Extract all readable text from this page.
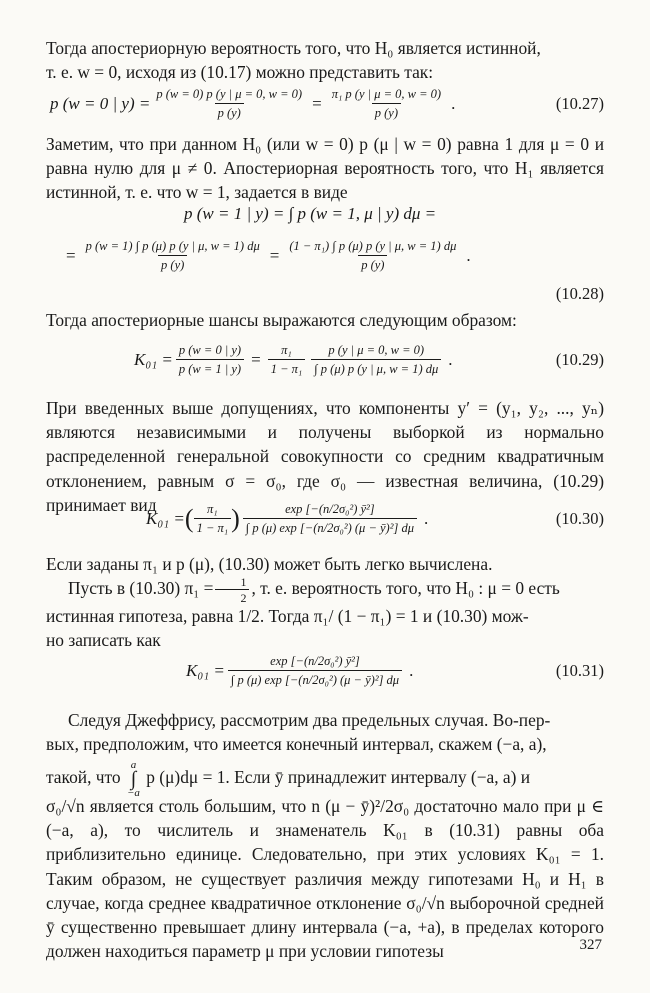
Тогда апостериорную вероятность того, что H₀ является истинной,
т. е. w = 0, исходя из (10.17) можно представить так:

p (w = 0 | $y) = \frac{p (w = 0) p (y | \mu = 0, w = 0)}{p (y)} = \frac{\text{π₁ p (y | μ = 0, w = 0)}}{p (y)}$ .	(10.27)

Заметим, что при данном H₀ (или w = 0) p (μ | w = 0) равна 1 для μ = 0 и равна нулю для μ ≠ 0. Апостериорная вероятность того, что H₁ является истинной, т. е. что w = 1, задается в виде

p (w = 1 | y) = ∫ p (w = 1, μ | y) dμ =
= $\frac{p (w = 1) \int p (\mu) p (y | \mu, w = 1) d\mu}{p (y)} = \frac{\text{(1 − π₁) ∫ p (μ) p (y | μ, w = 1) dμ}}{p (y)}$ .
(10.28)

Тогда апостериорные шансы выражаются следующим образом:

$K_{01} = \frac{p (w = 0 | y)}{p (w = 1 | y)} = \frac{\text{π₁}}{\text{1 − π₁}} \frac{p (y | \mu = 0, w = 0)}{\int p (\mu) p (y | \mu, w = 1) d\mu}$ .	(10.29)

При введенных выше допущениях, что компоненты y′ = (y₁, y₂, ..., yₙ) являются независимыми и получены выборкой из нормально распределенной генеральной совокупности со средним квадратичным отклонением, равным σ = σ₀, где σ₀ — известная величина, (10.29) принимает вид

K₀₁ = ( $\frac{\text{π₁}}{\text{1 − π₁}}$ ) $\frac{\text{exp [−(n/2σ₀²) ȳ²]}}{\text{∫ p (μ) exp [−(n/2σ₀²) (μ − ȳ)²] dμ}}$ .	(10.30)

Если заданы π₁ и p (μ), (10.30) может быть легко вычислена.

Пусть в (10.30) $\pi_1 = \frac{1}{2}$ , т. е. вероятность того, что H₀ : μ = 0 есть
истинная гипотеза, равна 1/2. Тогда π₁/ (1 − π₁) = 1 и (10.30) мож-
но записать как

$K_{01} = \frac{\text{exp [−(n/2σ₀²) ȳ²]}}{\text{∫ p (μ) exp [−(n/2σ₀²) (μ − ȳ)²] dμ}}$ .	(10.31)

Следуя Джеффрису, рассмотрим два предельных случая. Во-пер-

вых, предположим, что имеется конечный интервал, скажем (−a, a),

такой, что
a
∫
−a
p (μ)dμ = 1. Если ȳ принадлежит интервалу (−a, a) и

σ₀/√n является столь большим, что n (μ − ȳ)²/2σ₀ достаточно мало при μ ∈ (−a, a), то числитель и знаменатель K₀₁ в (10.31) равны оба приблизительно единице. Следовательно, при этих условиях K₀₁ = 1. Таким образом, не существует различия между гипотезами H₀ и H₁ в случае, когда среднее квадратичное отклонение σ₀/√n выборочной средней ȳ существенно превышает длину интервала (−a, +a), в пределах которого должен находиться параметр μ при условии гипотезы	327
